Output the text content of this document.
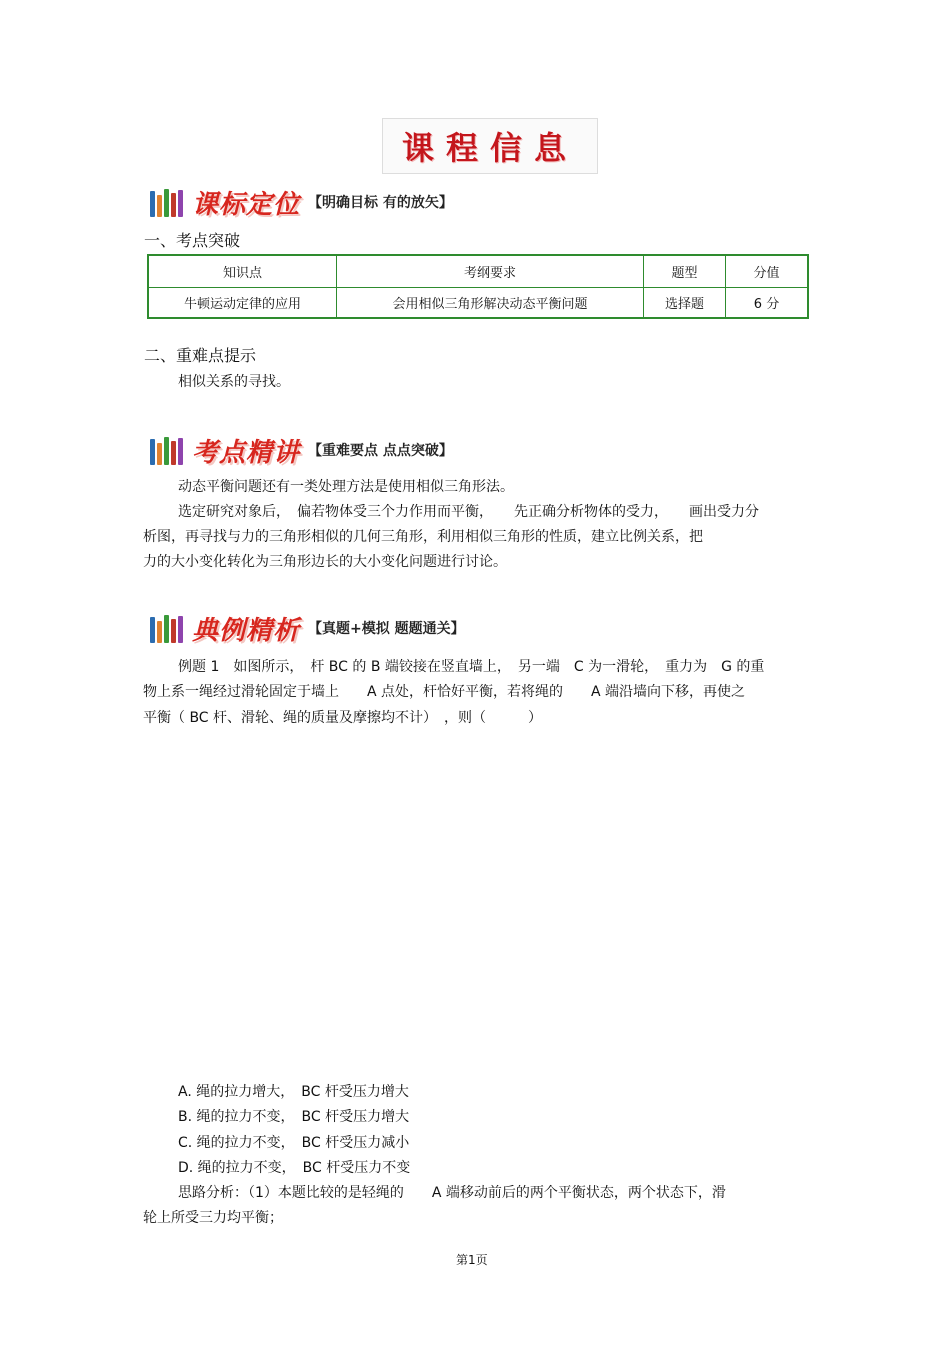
课程信息
课标定位 【明确目标 有的放矢】
一、考点突破
知识点	考纲要求	题型	分值
牛顿运动定律的应用	会用相似三角形解决动态平衡问题	选择题	6 分
二、重难点提示
相似关系的寻找。
考点精讲 【重难要点 点点突破】
动态平衡问题还有一类处理方法是使用相似三角形法。
选定研究对象后，　偏若物体受三个力作用而平衡，　　先正确分析物体的受力，　　画出受力分
析图，再寻找与力的三角形相似的几何三角形，利用相似三角形的性质，建立比例关系，把
力的大小变化转化为三角形边长的大小变化问题进行讨论。
典例精析 【真题+模拟 题题通关】
例题 1　如图所示，　杆 BC 的 B 端铰接在竖直墙上，　另一端　C 为一滑轮，　重力为　G 的重
物上系一绳经过滑轮固定于墙上　　A 点处，杆恰好平衡，若将绳的　　A 端沿墙向下移，再使之
平衡（ BC 杆、滑轮、绳的质量及摩擦均不计）　，则（　　　）
A. 绳的拉力增大，　BC 杆受压力增大
B. 绳的拉力不变，　BC 杆受压力增大
C. 绳的拉力不变，　BC 杆受压力减小
D. 绳的拉力不变，　BC 杆受压力不变
思路分析：（1）本题比较的是轻绳的　　A 端移动前后的两个平衡状态，两个状态下，滑
轮上所受三力均平衡；
第1页
